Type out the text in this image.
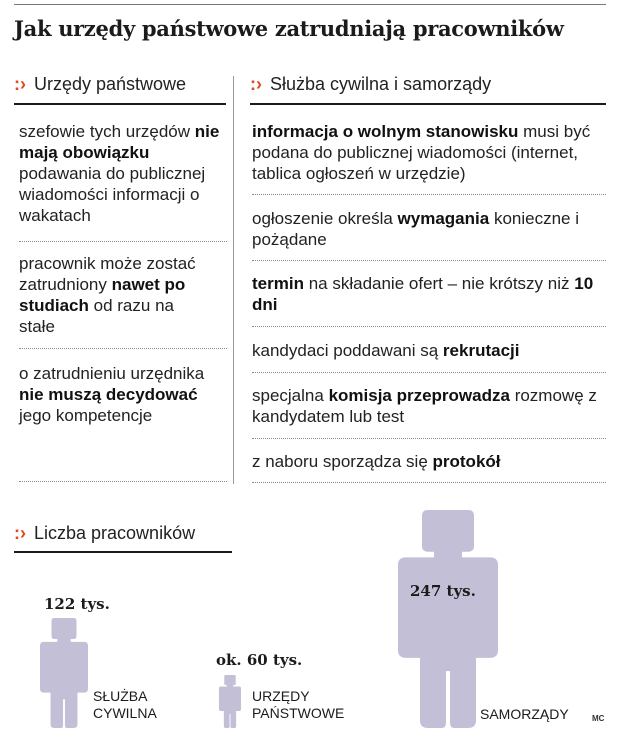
Jak urzędy państwowe zatrudniają pracowników
:› Urzędy państwowe	:› Służba cywilna i samorządy
szefowie tych urzędów nie mają obowiązku podawania do publicznej wiadomości informacji o wakatach
pracownik może zostać zatrudniony nawet po studiach od razu na stałe
o zatrudnieniu urzędnika nie muszą decydować jego kompetencje
informacja o wolnym stanowisku musi być podana do publicznej wiadomości (internet, tablica ogłoszeń w urzędzie)
ogłoszenie określa wymagania konieczne i pożądane
termin na składanie ofert – nie krótszy niż 10 dni
kandydaci poddawani są rekrutacji
specjalna komisja przeprowadza rozmowę z kandydatem lub test
z naboru sporządza się protokół
:› Liczba pracowników
122 tys.
ok. 60 tys.
247 tys.
SŁUŻBA
CYWILNA
URZĘDY
PAŃSTWOWE	SAMORZĄDY	MC
